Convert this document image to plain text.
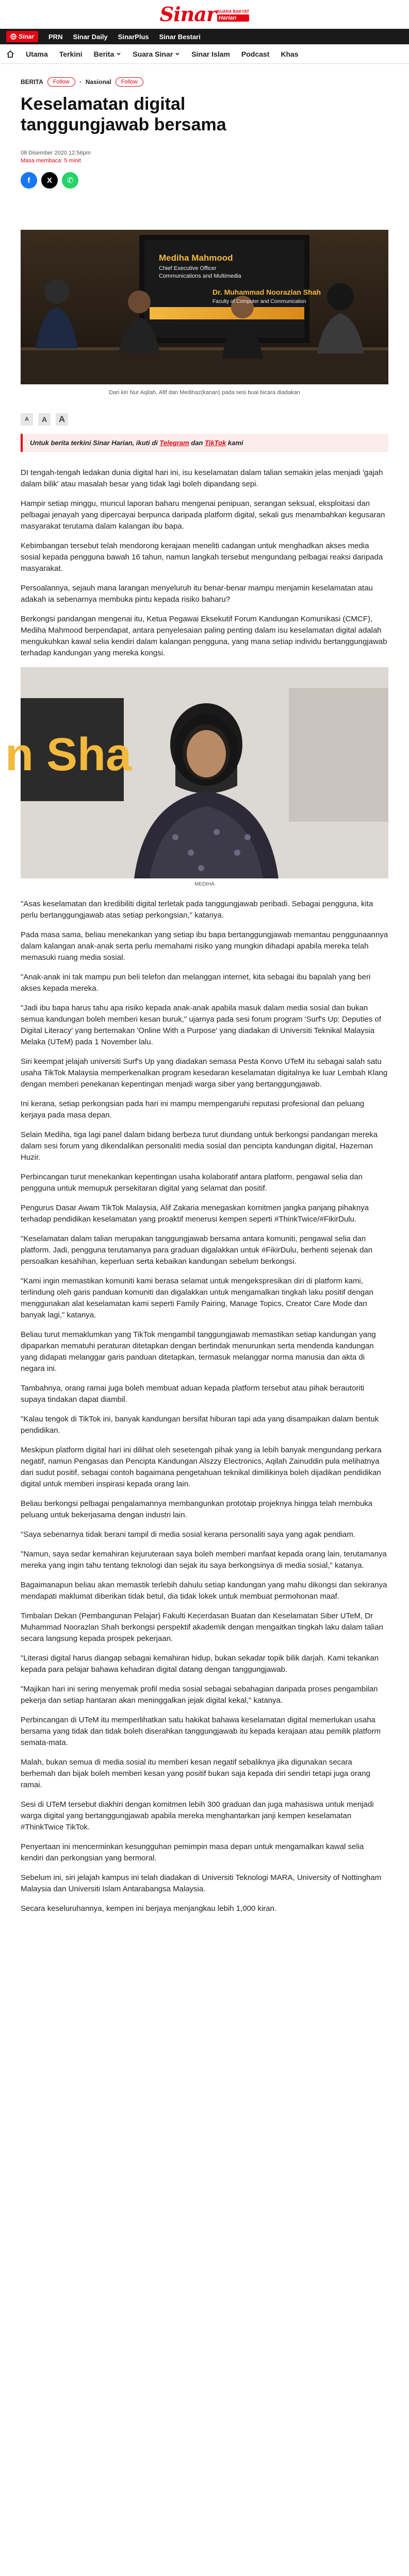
Sinar SUARA BAKYAT
Harian
Sinar PRN Sinar Daily SinarPlus Sinar Bestari
Utama Terkini Berita	Suara Sinar	Sinar Islam Podcast Khas
BERITA	Follow	• Nasional	Follow
Keselamatan digital tanggungjawab bersama
08 Disember 2020 12:56pm
Masa membaca: 5 minit
f	X	✆
Mediha Mahmood
Chief Executive Officer
Communications and Multimedia
Dr. Muhammad Noorazlan Shah
Faculty of Computer and Communication
Dari kiri Nur Aqilah, Afif dan Medihaz(kanan) pada sesi bual bicara diadakan
A	A	A
Untuk berita terkini Sinar Harian, ikuti di Telegram dan TikTok kami

DI tengah-tengah ledakan dunia digital hari ini, isu keselamatan dalam talian semakin jelas menjadi 'gajah dalam bilik' atau masalah besar yang tidak lagi boleh dipandang sepi.

Hampir setiap minggu, muncul laporan baharu mengenai penipuan, serangan seksual, eksploitasi dan pelbagai jenayah yang dipercayai berpunca daripada platform digital, sekali gus menambahkan kegusaran masyarakat terutama dalam kalangan ibu bapa.

Kebimbangan tersebut telah mendorong kerajaan meneliti cadangan untuk menghadkan akses media sosial kepada pengguna bawah 16 tahun, namun langkah tersebut mengundang pelbagai reaksi daripada masyarakat.

Persoalannya, sejauh mana larangan menyeluruh itu benar-benar mampu menjamin keselamatan atau adakah ia sebenarnya membuka pintu kepada risiko baharu?

Berkongsi pandangan mengenai itu, Ketua Pegawai Eksekutif Forum Kandungan Komunikasi (CMCF), Mediha Mahmood berpendapat, antara penyelesaian paling penting dalam isu keselamatan digital adalah mengukuhkan kawal selia kendiri dalam kalangan pengguna, yang mana setiap individu bertanggungjawab terhadap kandungan yang mereka kongsi.

n Sha
MEDIHA

"Asas keselamatan dan kredibiliti digital terletak pada tanggungjawab peribadi. Sebagai pengguna, kita perlu bertanggungjawab atas setiap perkongsian," katanya.

Pada masa sama, beliau menekankan yang setiap ibu bapa bertanggungjawab memantau penggunaannya dalam kalangan anak-anak serta perlu memahami risiko yang mungkin dihadapi apabila mereka telah memasuki ruang media sosial.

"Anak-anak ini tak mampu pun beli telefon dan melanggan internet, kita sebagai ibu bapalah yang beri akses kepada mereka.

"Jadi ibu bapa harus tahu apa risiko kepada anak-anak apabila masuk dalam media sosial dan bukan semua kandungan boleh memberi kesan buruk," ujarnya pada sesi forum program 'Surf's Up: Deputies of Digital Literacy' yang bertemakan 'Online With a Purpose' yang diadakan di Universiti Teknikal Malaysia Melaka (UTeM) pada 1 November lalu.

Siri keempat jelajah universiti Surf's Up yang diadakan semasa Pesta Konvo UTeM itu sebagai salah satu usaha TikTok Malaysia memperkenalkan program kesedaran keselamatan digitalnya ke luar Lembah Klang dengan memberi penekanan kepentingan menjadi warga siber yang bertanggungjawab.

Ini kerana, setiap perkongsian pada hari ini mampu mempengaruhi reputasi profesional dan peluang kerjaya pada masa depan.

Selain Mediha, tiga lagi panel dalam bidang berbeza turut diundang untuk berkongsi pandangan mereka dalam sesi forum yang dikendalikan personaliti media sosial dan pencipta kandungan digital, Hazeman Huzir.

Perbincangan turut menekankan kepentingan usaha kolaboratif antara platform, pengawal selia dan pengguna untuk memupuk persekitaran digital yang selamat dan positif.

Pengurus Dasar Awam TikTok Malaysia, Alif Zakaria menegaskan komitmen jangka panjang pihaknya terhadap pendidikan keselamatan yang proaktif menerusi kempen seperti #ThinkTwice/#FikirDulu.

"Keselamatan dalam talian merupakan tanggungjawab bersama antara komuniti, pengawal selia dan platform. Jadi, pengguna terutamanya para graduan digalakkan untuk #FikirDulu, berhenti sejenak dan persoalkan kesahihan, keperluan serta kebaikan kandungan sebelum berkongsi.

"Kami ingin memastikan komuniti kami berasa selamat untuk mengekspresikan diri di platform kami, terlindung oleh garis panduan komuniti dan digalakkan untuk mengamalkan tingkah laku positif dengan menggunakan alat keselamatan kami seperti Family Pairing, Manage Topics, Creator Care Mode dan banyak lagi," katanya.

Beliau turut memaklumkan yang TikTok mengambil tanggungjawab memastikan setiap kandungan yang dipaparkan mematuhi peraturan ditetapkan dengan bertindak menurunkan serta mendenda kandungan yang didapati melanggar garis panduan ditetapkan, termasuk melanggar norma manusia dan akta di negara ini.

Tambahnya, orang ramai juga boleh membuat aduan kepada platform tersebut atau pihak berautoriti supaya tindakan dapat diambil.

"Kalau tengok di TikTok ini, banyak kandungan bersifat hiburan tapi ada yang disampaikan dalam bentuk pendidikan.

Meskipun platform digital hari ini dilihat oleh sesetengah pihak yang ia lebih banyak mengundang perkara negatif, namun Pengasas dan Pencipta Kandungan Alszzy Electronics, Aqilah Zainuddin pula melihatnya dari sudut positif, sebagai contoh bagaimana pengetahuan teknikal dimilikinya boleh dijadikan pendidikan digital untuk memberi inspirasi kepada orang lain.

Beliau berkongsi pelbagai pengalamannya membangunkan prototaip projeknya hingga telah membuka peluang untuk bekerjasama dengan industri lain.

"Saya sebenarnya tidak berani tampil di media sosial kerana personaliti saya yang agak pendiam.

"Namun, saya sedar kemahiran kejuruteraan saya boleh memberi manfaat kepada orang lain, terutamanya mereka yang ingin tahu tentang teknologi dan sejak itu saya berkongsinya di media sosial," katanya.

Bagaimanapun beliau akan memastik terlebih dahulu setiap kandungan yang mahu dikongsi dan sekiranya mendapati maklumat diberikan tidak betul, dia tidak lokek untuk membuat permohonan maaf.

Timbalan Dekan (Pembangunan Pelajar) Fakulti Kecerdasan Buatan dan Keselamatan Siber UTeM, Dr Muhammad Noorazlan Shah berkongsi perspektif akademik dengan mengaitkan tingkah laku dalam talian secara langsung kepada prospek pekerjaan.

"Literasi digital harus diangap sebagai kemahiran hidup, bukan sekadar topik bilik darjah. Kami tekankan kepada para pelajar bahawa kehadiran digital datang dengan tanggungjawab.

"Majikan hari ini sering menyemak profil media sosial sebagai sebahagian daripada proses pengambilan pekerja dan setiap hantaran akan meninggalkan jejak digital kekal," katanya.

Perbincangan di UTeM itu memperlihatkan satu hakikat bahawa keselamatan digital memerlukan usaha bersama yang tidak dan tidak boleh diserahkan tanggungjawab itu kepada kerajaan atau pemilik platform semata-mata.

Malah, bukan semua di media sosial itu memberi kesan negatif sebaliknya jika digunakan secara berhemah dan bijak boleh memberi kesan yang positif bukan saja kepada diri sendiri tetapi juga orang ramai.

Sesi di UTeM tersebut diakhiri dengan komitmen lebih 300 graduan dan juga mahasiswa untuk menjadi warga digital yang bertanggungjawab apabila mereka menghantarkan janji kempen keselamatan #ThinkTwice TikTok.

Penyertaan ini mencerminkan kesungguhan pemimpin masa depan untuk mengamalkan kawal selia kendiri dan perkongsian yang bermoral.

Sebelum ini, siri jelajah kampus ini telah diadakan di Universiti Teknologi MARA, University of Nottingham Malaysia dan Universiti Islam Antarabangsa Malaysia.

Secara keseluruhannya, kempen ini berjaya menjangkau lebih 1,000 kiran.
